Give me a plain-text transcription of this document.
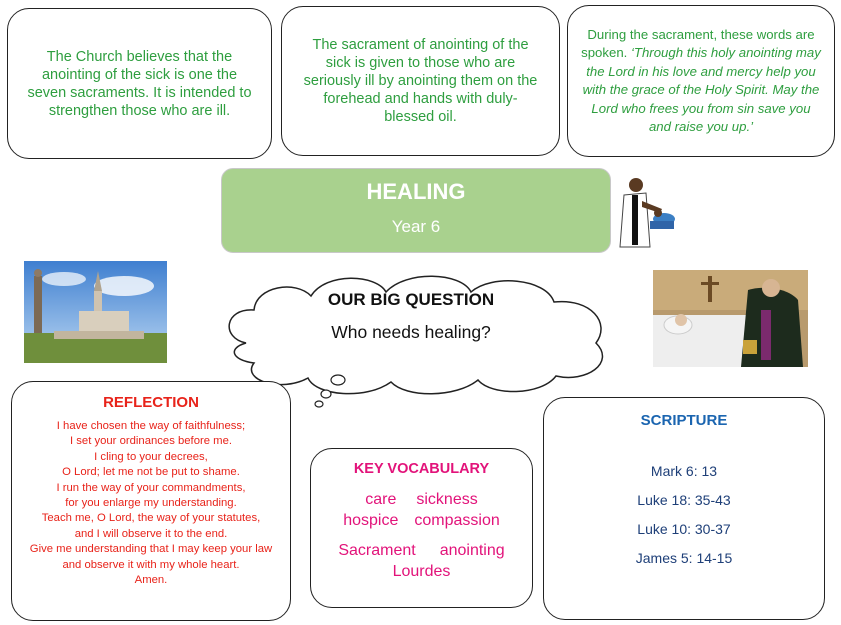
The Church believes that the anointing of the sick is one the seven sacraments. It is intended to strengthen those who are ill.
The sacrament of anointing of the sick is given to those who are seriously ill by anointing them on the forehead and hands with duly-blessed oil.
During the sacrament, these words are spoken. ‘Through this holy anointing may the Lord in his love and mercy help you with the grace of the Holy Spirit. May the Lord who frees you from sin save you and raise you up.’
HEALING
Year 6
OUR BIG QUESTION
Who needs healing?
REFLECTION
I have chosen the way of faithfulness;
I set your ordinances before me.
I cling to your decrees,
O Lord; let me not be put to shame.
I run the way of your commandments,
for you enlarge my understanding.
Teach me, O Lord, the way of your statutes,
and I will observe it to the end.
Give me understanding that I may keep your law
and observe it with my whole heart.
Amen.
KEY VOCABULARY
care sickness
hospice compassion
Sacrament anointing
Lourdes
SCRIPTURE
Mark 6: 13
Luke 18: 35-43
Luke 10: 30-37
James 5: 14-15
